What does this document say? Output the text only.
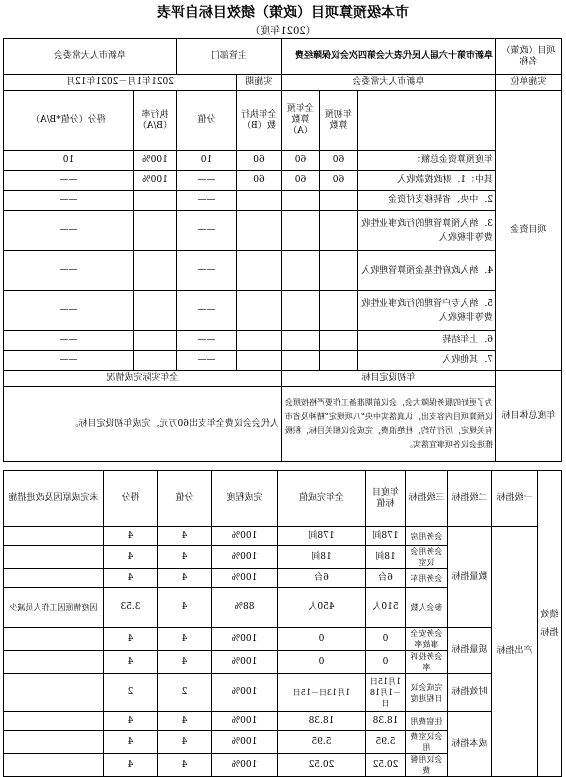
市本级预算项目（政策）绩效目标自评表
（2021年度）
项目（政策）名称	阜新市第十六届人民代表大会第四次会议保障经费			主管部门		阜新市人大常委会	
实施单位	阜新市人大常委会			实施期	2021年1月－2021年12月		
项目资金		年初预算数	全年预算数（A）	全年执行数（B）	分值	执行率（B/A）	得分（分值*B/A）
	年度预算资金总额：	60	60	60	10	100%	10
	其中：1．财政拨款收入	60	60	60	——	100%	——
	2．中央、省转移支付资金				——		——
	3．纳入预算管理的行政事业性收费等非税收入				——		——
	4．纳入政府性基金预算管理收入				——		——
	5．纳入专户管理的行政事业性收费等非税收入				——		——
	6．上年结转				——		——
	7．其他收入				——		——
年度总体目标	年初设定目标			全年实际完成情况			
	为了更好的服务保障大会，会议前期准备工作要严格按照会议预算项目内容支出，认真落实中央“八项规定”精神及省市有关规定，厉行节约，杜绝浪费，完成会议相关目标，积极推进会议各项事宜落实。			人代会会议费全年支出60万元，完成年初设定目标。			
绩效指标	一级指标	二级指标	三级指标	年度目标值	全年完成值	完成程度	分值	得分	未完成原因及改进措施
	产出指标	数量指标	会务用房	178间	178间	100%	4	4	
			会务用会议室	18间	18间	100%	4	4	
			会务用车	6台	6台	100%	4	4	
			参会人数	510人	450人	88%	4	3.53	因疫情原因工作人员减少
		质量指标	会务安全事故率	0	0	100%	4	4	
			会务投诉率	0	0	100%	4	4	
		时效指标	完成会议日程进度	1月15日－1月18日	1月13日－15日	100%	2	2	
		成本指标	住宿费用	18.38	18.38	100%	4	4	
			会议室费用	5.95	5.95	100%	4	4	
			会议用餐费	20.52	20.52	100%	4	4	
